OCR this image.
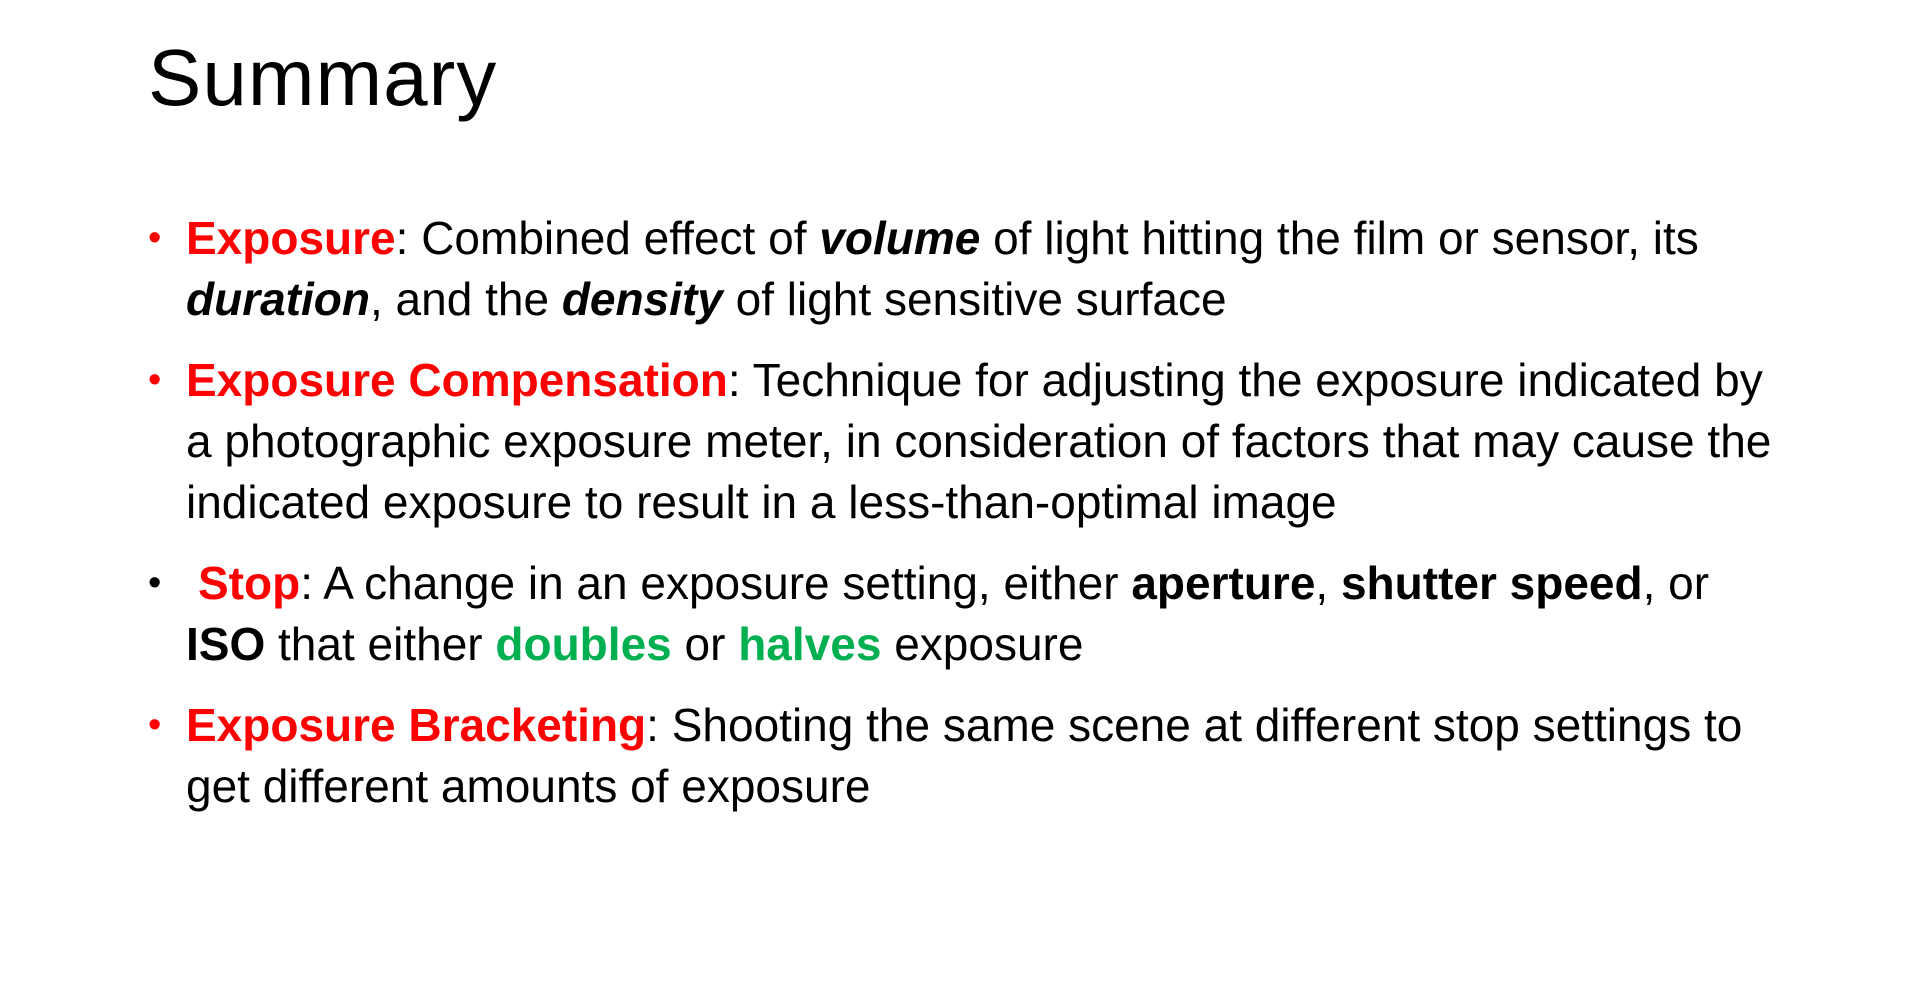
Summary
• Exposure: Combined effect of volume of light hitting the film or sensor, its duration, and the density of light sensitive surface
• Exposure Compensation: Technique for adjusting the exposure indicated by a photographic exposure meter, in consideration of factors that may cause the indicated exposure to result in a less-than-optimal image
• Stop: A change in an exposure setting, either aperture, shutter speed, or ISO that either doubles or halves exposure
• Exposure Bracketing: Shooting the same scene at different stop settings to get different amounts of exposure
